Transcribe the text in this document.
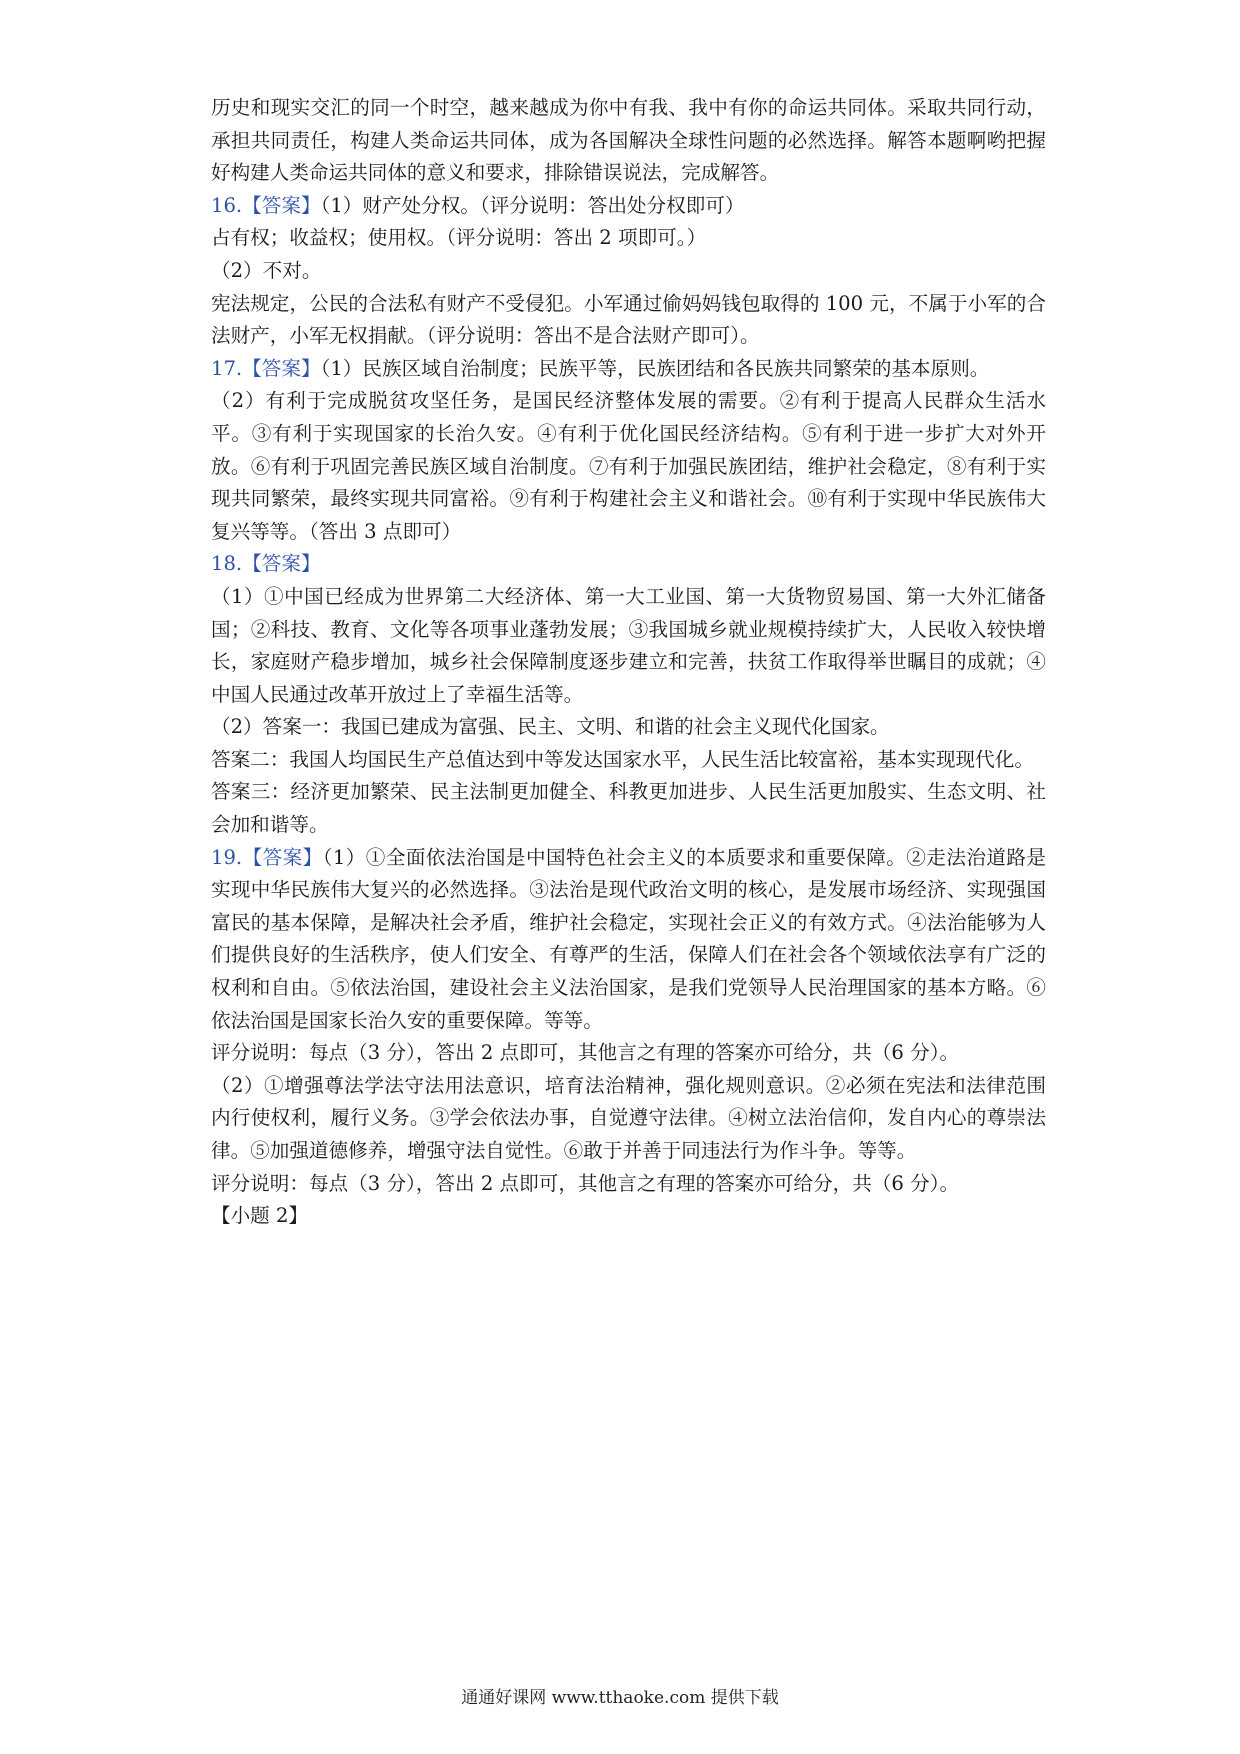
历史和现实交汇的同一个时空，越来越成为你中有我、我中有你的命运共同体。采取共同行动，承担共同责任，构建人类命运共同体，成为各国解决全球性问题的必然选择。解答本题啊哟把握好构建人类命运共同体的意义和要求，排除错误说法，完成解答。

16.【答案】（1）财产处分权。（评分说明：答出处分权即可）

占有权；收益权；使用权。（评分说明：答出 2 项即可。）

（2）不对。

宪法规定，公民的合法私有财产不受侵犯。小军通过偷妈妈钱包取得的 100 元，不属于小军的合法财产，小军无权捐献。（评分说明：答出不是合法财产即可）。

17.【答案】（1）民族区域自治制度；民族平等，民族团结和各民族共同繁荣的基本原则。

（2）有利于完成脱贫攻坚任务，是国民经济整体发展的需要。②有利于提高人民群众生活水平。③有利于实现国家的长治久安。④有利于优化国民经济结构。⑤有利于进一步扩大对外开放。⑥有利于巩固完善民族区域自治制度。⑦有利于加强民族团结，维护社会稳定，⑧有利于实现共同繁荣，最终实现共同富裕。⑨有利于构建社会主义和谐社会。⑩有利于实现中华民族伟大复兴等等。（答出 3 点即可）

18.【答案】

（1）①中国已经成为世界第二大经济体、第一大工业国、第一大货物贸易国、第一大外汇储备国；②科技、教育、文化等各项事业蓬勃发展；③我国城乡就业规模持续扩大，人民收入较快增长，家庭财产稳步增加，城乡社会保障制度逐步建立和完善，扶贫工作取得举世瞩目的成就；④中国人民通过改革开放过上了幸福生活等。

（2）答案一：我国已建成为富强、民主、文明、和谐的社会主义现代化国家。

答案二：我国人均国民生产总值达到中等发达国家水平，人民生活比较富裕，基本实现现代化。

答案三：经济更加繁荣、民主法制更加健全、科教更加进步、人民生活更加殷实、生态文明、社会加和谐等。

19.【答案】（1）①全面依法治国是中国特色社会主义的本质要求和重要保障。②走法治道路是实现中华民族伟大复兴的必然选择。③法治是现代政治文明的核心，是发展市场经济、实现强国富民的基本保障，是解决社会矛盾，维护社会稳定，实现社会正义的有效方式。④法治能够为人们提供良好的生活秩序，使人们安全、有尊严的生活，保障人们在社会各个领域依法享有广泛的权利和自由。⑤依法治国，建设社会主义法治国家，是我们党领导人民治理国家的基本方略。⑥依法治国是国家长治久安的重要保障。等等。

评分说明：每点（3 分），答出 2 点即可，其他言之有理的答案亦可给分，共（6 分）。

（2）①增强尊法学法守法用法意识，培育法治精神，强化规则意识。②必须在宪法和法律范围内行使权利，履行义务。③学会依法办事，自觉遵守法律。④树立法治信仰，发自内心的尊崇法律。⑤加强道德修养，增强守法自觉性。⑥敢于并善于同违法行为作斗争。等等。

评分说明：每点（3 分），答出 2 点即可，其他言之有理的答案亦可给分，共（6 分）。

【小题 2】

通通好课网 www.tthaoke.com 提供下载
